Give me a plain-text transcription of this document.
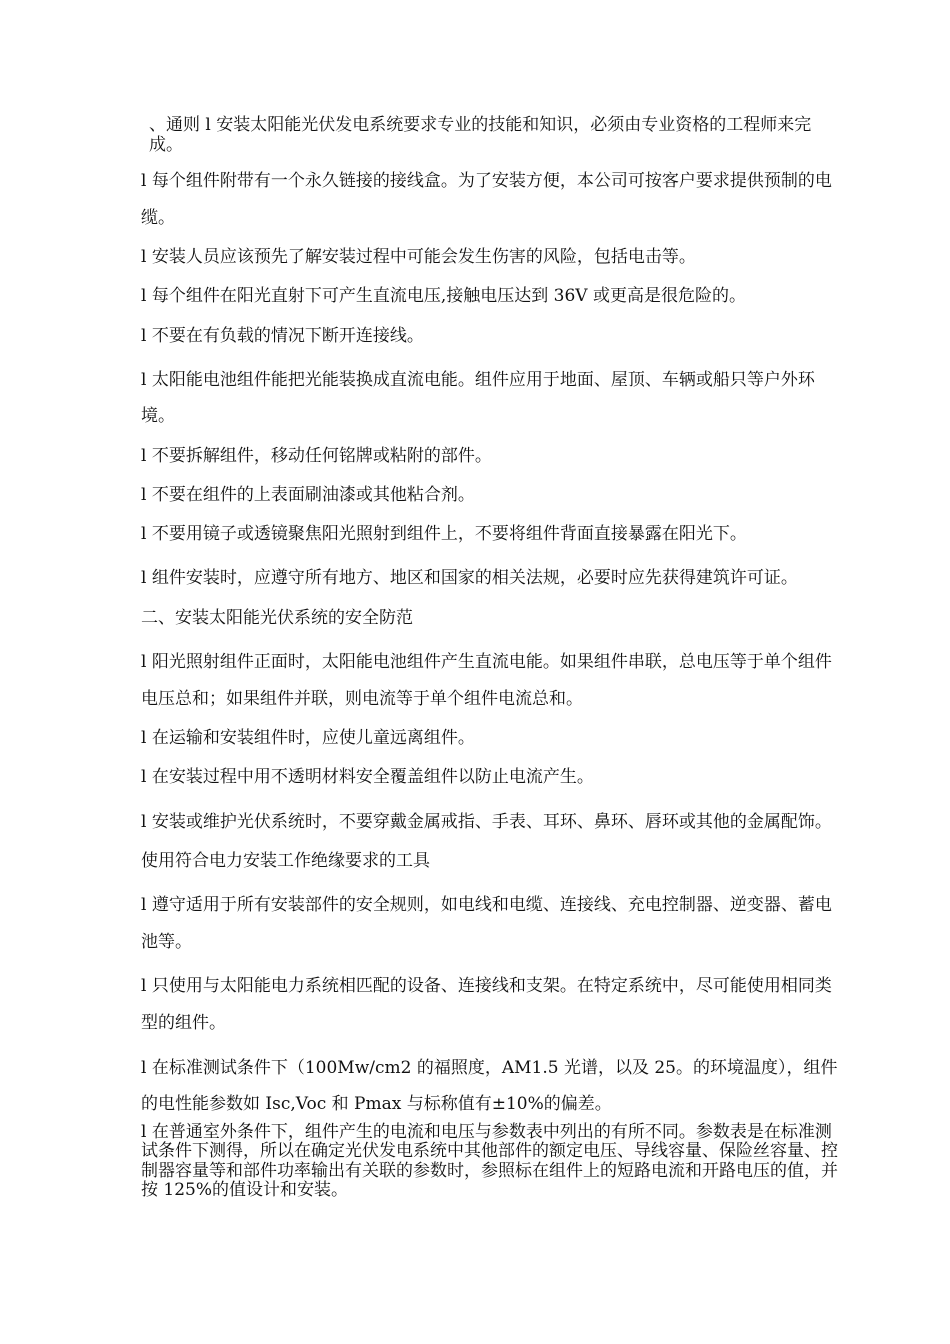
、通则 l 安装太阳能光伏发电系统要求专业的技能和知识，必须由专业资格的工程师来完成。

l 每个组件附带有一个永久链接的接线盒。为了安装方便，本公司可按客户要求提供预制的电缆。

l 安装人员应该预先了解安装过程中可能会发生伤害的风险，包括电击等。

l 每个组件在阳光直射下可产生直流电压,接触电压达到 36V 或更高是很危险的。

l 不要在有负载的情况下断开连接线。

l 太阳能电池组件能把光能装换成直流电能。组件应用于地面、屋顶、车辆或船只等户外环境。

l 不要拆解组件，移动任何铭牌或粘附的部件。

l 不要在组件的上表面刷油漆或其他粘合剂。

l 不要用镜子或透镜聚焦阳光照射到组件上，不要将组件背面直接暴露在阳光下。

l 组件安装时，应遵守所有地方、地区和国家的相关法规，必要时应先获得建筑许可证。

二、安装太阳能光伏系统的安全防范

l 阳光照射组件正面时，太阳能电池组件产生直流电能。如果组件串联，总电压等于单个组件电压总和；如果组件并联，则电流等于单个组件电流总和。

l 在运输和安装组件时，应使儿童远离组件。

l 在安装过程中用不透明材料安全覆盖组件以防止电流产生。

l 安装或维护光伏系统时，不要穿戴金属戒指、手表、耳环、鼻环、唇环或其他的金属配饰。

使用符合电力安装工作绝缘要求的工具

l 遵守适用于所有安装部件的安全规则，如电线和电缆、连接线、充电控制器、逆变器、蓄电池等。

l 只使用与太阳能电力系统相匹配的设备、连接线和支架。在特定系统中，尽可能使用相同类型的组件。

l 在标准测试条件下（100Mw/cm2 的福照度，AM1.5 光谱，以及 25。的环境温度），组件的电性能参数如 Isc,Voc 和 Pmax 与标称值有±10%的偏差。

l 在普通室外条件下，组件产生的电流和电压与参数表中列出的有所不同。参数表是在标准测试条件下测得，所以在确定光伏发电系统中其他部件的额定电压、导线容量、保险丝容量、控制器容量等和部件功率输出有关联的参数时，参照标在组件上的短路电流和开路电压的值，并按 125%的值设计和安装。
